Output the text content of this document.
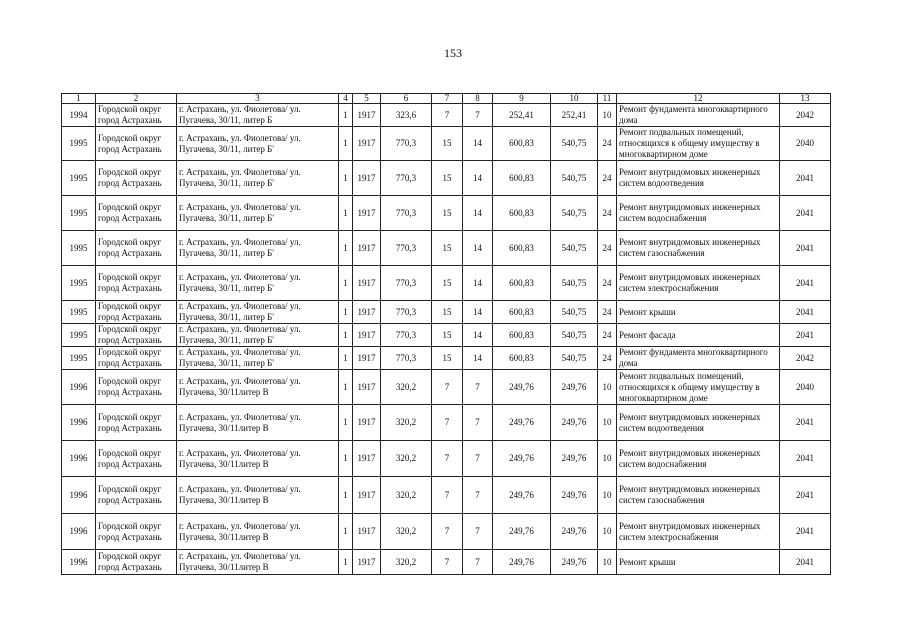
153
1	2	3	4	5	6	7	8	9	10	11	12	13
1994	Городской округ город Астрахань	г. Астрахань, ул. Фиолетова/ ул. Пугачева, 30/11, литер Б	1	1917	323,6	7	7	252,41	252,41	10	Ремонт фундамента многоквартирного дома	2042
1995	Городской округ город Астрахань	г. Астрахань, ул. Фиолетова/ ул. Пугачева, 30/11, литер Б'	1	1917	770,3	15	14	600,83	540,75	24	Ремонт подвальных помещений, относящихся к общему имуществу в многоквартирном доме	2040
1995	Городской округ город Астрахань	г. Астрахань, ул. Фиолетова/ ул. Пугачева, 30/11, литер Б'	1	1917	770,3	15	14	600,83	540,75	24	Ремонт внутридомовых инженерных систем водоотведения	2041
1995	Городской округ город Астрахань	г. Астрахань, ул. Фиолетова/ ул. Пугачева, 30/11, литер Б'	1	1917	770,3	15	14	600,83	540,75	24	Ремонт внутридомовых инженерных систем водоснабжения	2041
1995	Городской округ город Астрахань	г. Астрахань, ул. Фиолетова/ ул. Пугачева, 30/11, литер Б'	1	1917	770,3	15	14	600,83	540,75	24	Ремонт внутридомовых инженерных систем газоснабжения	2041
1995	Городской округ город Астрахань	г. Астрахань, ул. Фиолетова/ ул. Пугачева, 30/11, литер Б'	1	1917	770,3	15	14	600,83	540,75	24	Ремонт внутридомовых инженерных систем электроснабжения	2041
1995	Городской округ город Астрахань	г. Астрахань, ул. Фиолетова/ ул. Пугачева, 30/11, литер Б'	1	1917	770,3	15	14	600,83	540,75	24	Ремонт крыши	2041
1995	Городской округ город Астрахань	г. Астрахань, ул. Фиолетова/ ул. Пугачева, 30/11, литер Б'	1	1917	770,3	15	14	600,83	540,75	24	Ремонт фасада	2041
1995	Городской округ город Астрахань	г. Астрахань, ул. Фиолетова/ ул. Пугачева, 30/11, литер Б'	1	1917	770,3	15	14	600,83	540,75	24	Ремонт фундамента многоквартирного дома	2042
1996	Городской округ город Астрахань	г. Астрахань, ул. Фиолетова/ ул. Пугачева, 30/11литер В	1	1917	320,2	7	7	249,76	249,76	10	Ремонт подвальных помещений, относящихся к общему имуществу в многоквартирном доме	2040
1996	Городской округ город Астрахань	г. Астрахань, ул. Фиолетова/ ул. Пугачева, 30/11литер В	1	1917	320,2	7	7	249,76	249,76	10	Ремонт внутридомовых инженерных систем водоотведения	2041
1996	Городской округ город Астрахань	г. Астрахань, ул. Фиолетова/ ул. Пугачева, 30/11литер В	1	1917	320,2	7	7	249,76	249,76	10	Ремонт внутридомовых инженерных систем водоснабжения	2041
1996	Городской округ город Астрахань	г. Астрахань, ул. Фиолетова/ ул. Пугачева, 30/11литер В	1	1917	320,2	7	7	249,76	249,76	10	Ремонт внутридомовых инженерных систем газоснабжения	2041
1996	Городской округ город Астрахань	г. Астрахань, ул. Фиолетова/ ул. Пугачева, 30/11литер В	1	1917	320,2	7	7	249,76	249,76	10	Ремонт внутридомовых инженерных систем электроснабжения	2041
1996	Городской округ город Астрахань	г. Астрахань, ул. Фиолетова/ ул. Пугачева, 30/11литер В	1	1917	320,2	7	7	249,76	249,76	10	Ремонт крыши	2041
